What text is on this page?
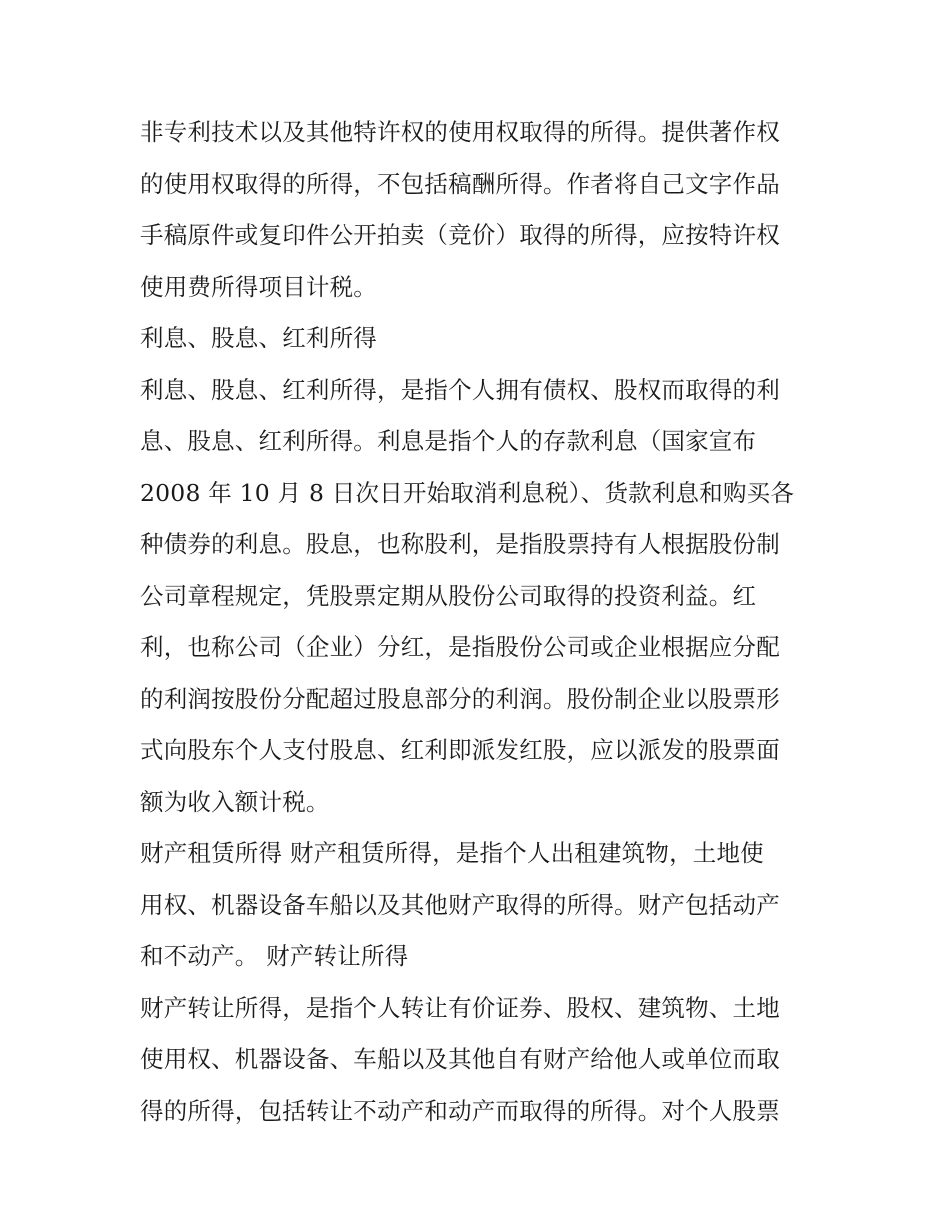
非专利技术以及其他特许权的使用权取得的所得。提供著作权
的使用权取得的所得，不包括稿酬所得。作者将自己文字作品
手稿原件或复印件公开拍卖（竞价）取得的所得，应按特许权
使用费所得项目计税。
利息、股息、红利所得
利息、股息、红利所得，是指个人拥有债权、股权而取得的利
息、股息、红利所得。利息是指个人的存款利息（国家宣布
2008 年 10 月 8 日次日开始取消利息税）、货款利息和购买各
种债券的利息。股息，也称股利，是指股票持有人根据股份制
公司章程规定，凭股票定期从股份公司取得的投资利益。红
利，也称公司（企业）分红，是指股份公司或企业根据应分配
的利润按股份分配超过股息部分的利润。股份制企业以股票形
式向股东个人支付股息、红利即派发红股，应以派发的股票面
额为收入额计税。
财产租赁所得 财产租赁所得，是指个人出租建筑物，土地使
用权、机器设备车船以及其他财产取得的所得。财产包括动产
和不动产。 财产转让所得
财产转让所得，是指个人转让有价证券、股权、建筑物、土地
使用权、机器设备、车船以及其他自有财产给他人或单位而取
得的所得，包括转让不动产和动产而取得的所得。对个人股票
